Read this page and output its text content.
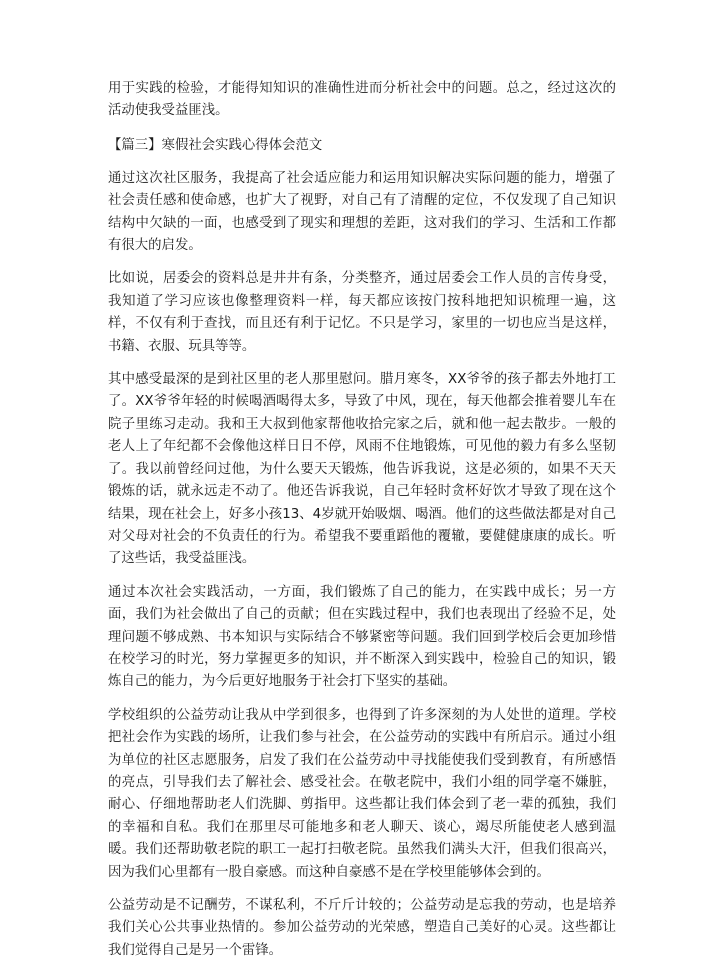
用于实践的检验，才能得知知识的准确性进而分析社会中的问题。总之，经过这次的活动使我受益匪浅。

【篇三】寒假社会实践心得体会范文

通过这次社区服务，我提高了社会适应能力和运用知识解决实际问题的能力，增强了社会责任感和使命感，也扩大了视野，对自己有了清醒的定位，不仅发现了自己知识结构中欠缺的一面，也感受到了现实和理想的差距，这对我们的学习、生活和工作都有很大的启发。

比如说，居委会的资料总是井井有条，分类整齐，通过居委会工作人员的言传身受，我知道了学习应该也像整理资料一样，每天都应该按门按科地把知识梳理一遍，这样，不仅有利于查找，而且还有利于记忆。不只是学习，家里的一切也应当是这样，书籍、衣服、玩具等等。

其中感受最深的是到社区里的老人那里慰问。腊月寒冬，XX爷爷的孩子都去外地打工了。XX爷爷年轻的时候喝酒喝得太多，导致了中风，现在，每天他都会推着婴儿车在院子里练习走动。我和王大叔到他家帮他收拾完家之后，就和他一起去散步。一般的老人上了年纪都不会像他这样日日不停，风雨不住地锻炼，可见他的毅力有多么坚韧了。我以前曾经问过他，为什么要天天锻炼，他告诉我说，这是必须的，如果不天天锻炼的话，就永远走不动了。他还告诉我说，自己年轻时贪杯好饮才导致了现在这个结果，现在社会上，好多小孩13、4岁就开始吸烟、喝酒。他们的这些做法都是对自己对父母对社会的不负责任的行为。希望我不要重蹈他的覆辙，要健健康康的成长。听了这些话，我受益匪浅。

通过本次社会实践活动，一方面，我们锻炼了自己的能力，在实践中成长；另一方面，我们为社会做出了自己的贡献；但在实践过程中，我们也表现出了经验不足，处理问题不够成熟、书本知识与实际结合不够紧密等问题。我们回到学校后会更加珍惜在校学习的时光，努力掌握更多的知识，并不断深入到实践中，检验自己的知识，锻炼自己的能力，为今后更好地服务于社会打下坚实的基础。

学校组织的公益劳动让我从中学到很多，也得到了许多深刻的为人处世的道理。学校把社会作为实践的场所，让我们参与社会，在公益劳动的实践中有所启示。通过小组为单位的社区志愿服务，启发了我们在公益劳动中寻找能使我们受到教育，有所感悟的亮点，引导我们去了解社会、感受社会。在敬老院中，我们小组的同学毫不嫌脏，耐心、仔细地帮助老人们洗脚、剪指甲。这些都让我们体会到了老一辈的孤独，我们的幸福和自私。我们在那里尽可能地多和老人聊天、谈心，竭尽所能使老人感到温暖。我们还帮助敬老院的职工一起打扫敬老院。虽然我们满头大汗，但我们很高兴，因为我们心里都有一股自豪感。而这种自豪感不是在学校里能够体会到的。

公益劳动是不记酬劳，不谋私利，不斤斤计较的；公益劳动是忘我的劳动，也是培养我们关心公共事业热情的。参加公益劳动的光荣感，塑造自己美好的心灵。这些都让我们觉得自己是另一个雷锋。
